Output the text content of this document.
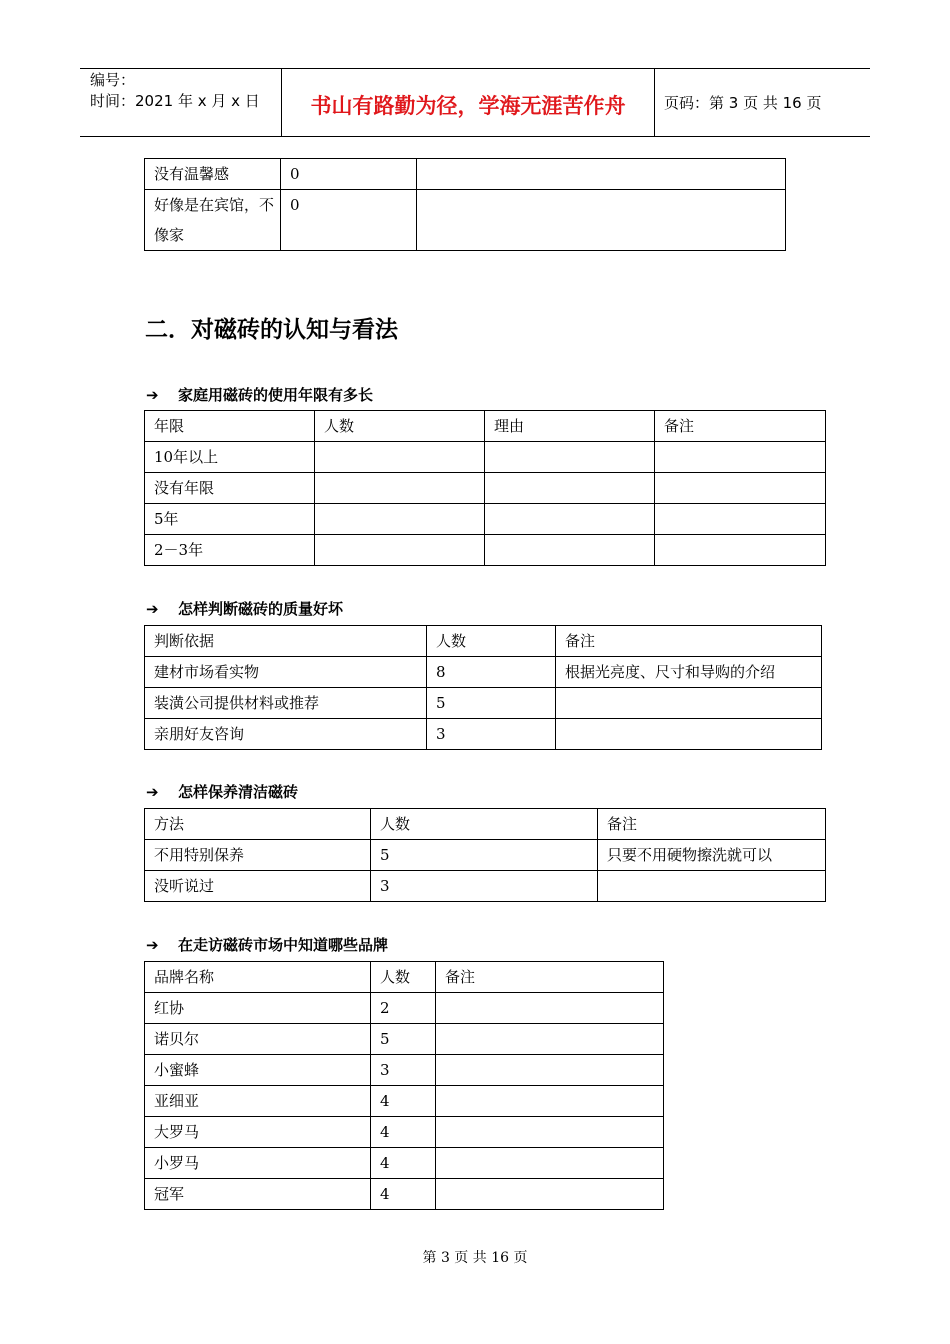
编号：
时间：2021 年 x 月 x 日	书山有路勤为径，学海无涯苦作舟	页码：第 3 页 共 16 页
没有温馨感	0	
好像是在宾馆，不像家	0	
二．对磁砖的认知与看法
➔ 家庭用磁砖的使用年限有多长
年限	人数	理由	备注
10年以上			
没有年限			
5年			
2－3年			
➔ 怎样判断磁砖的质量好坏
判断依据	人数	备注
建材市场看实物	8	根据光亮度、尺寸和导购的介绍
装潢公司提供材料或推荐	5	
亲朋好友咨询	3	
➔ 怎样保养清洁磁砖
方法	人数	备注
不用特别保养	5	只要不用硬物擦洗就可以
没听说过	3	
➔ 在走访磁砖市场中知道哪些品牌
品牌名称	人数	备注
红协	2	
诺贝尔	5	
小蜜蜂	3	
亚细亚	4	
大罗马	4	
小罗马	4	
冠军	4	
第 3 页 共 16 页
